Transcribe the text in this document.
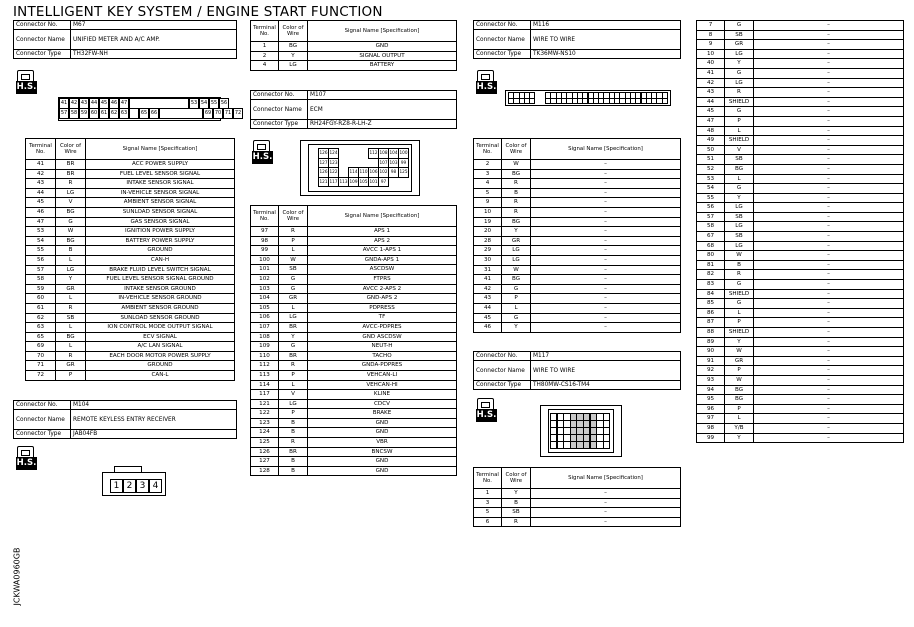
INTELLIGENT KEY SYSTEM / ENGINE START FUNCTION
JCKWA0960GB
Connector No.	M67
Connector Name	UNIFIED METER AND A/C AMP.
Connector Type	TH32FW-NH
H.S.
41 42 43 44 45 46 47	53 54 55 56
57 58 59 60 61 62 63	65 66	69 70 71 72
Terminal No.	Color of Wire	Signal Name [Specification]
41	BR	ACC POWER SUPPLY
42	BR	FUEL LEVEL SENSOR SIGNAL
43	R	INTAKE SENSOR SIGNAL
44	LG	IN-VEHICLE SENSOR SIGNAL
45	V	AMBIENT SENSOR SIGNAL
46	BG	SUNLOAD SENSOR SIGNAL
47	G	GAS SENSOR SIGNAL
53	W	IGNITION POWER SUPPLY
54	BG	BATTERY POWER SUPPLY
55	B	GROUND
56	L	CAN-H
57	LG	BRAKE FLUID LEVEL SWITCH SIGNAL
58	Y	FUEL LEVEL SENSOR SIGNAL GROUND
59	GR	INTAKE SENSOR GROUND
60	L	IN-VEHICLE SENSOR GROUND
61	R	AMBIENT SENSOR GROUND
62	SB	SUNLOAD SENSOR GROUND
63	L	ION CONTROL MODE OUTPUT SIGNAL
65	BG	ECV SIGNAL
69	L	A/C LAN SIGNAL
70	R	EACH DOOR MOTOR POWER SUPPLY
71	GR	GROUND
72	P	CAN-L
Connector No.	M104
Connector Name	REMOTE KEYLESS ENTRY RECEIVER
Connector Type	JAB04FB
H.S.
1 2 3 4
Terminal No.	Color of Wire	Signal Name [Specification]
1	BG	GND
2	Y	SIGNAL OUTPUT
4	LG	BATTERY
Connector No.	M107
Connector Name	ECM
Connector Type	RH24FGY-RZ8-R-LH-Z
H.S.	126 124	112 108 104 100
127 123	107 103 99
126 122	114 110 106 102 98 125
121 117 113 109 105 101 97
Terminal No.	Color of Wire	Signal Name [Specification]
97	R	APS 1
98	P	APS 2
99	L	AVCC 1-APS 1
100	W	GNDA-APS 1
101	SB	ASCDSW
102	G	FTPRS
103	G	AVCC 2-APS 2
104	GR	GND-APS 2
105	L	PDPRESS
106	LG	TF
107	BR	AVCC-PDPRES
108	Y	GND ASCDSW
109	G	NEUT-H
110	BR	TACHO
112	R	GNDA-PDPRES
113	P	VEHCAN-LI
114	L	VEHCAN-HI
117	V	KLINE
121	LG	CDCV
122	P	BRAKE
123	B	GND
124	B	GND
125	R	VBR
126	BR	BNCSW
127	B	GND
128	B	GND
Connector No.	M116
Connector Name	WIRE TO WIRE
Connector Type	TK36MW-NS10
H.S.
Terminal No.	Color of Wire	Signal Name [Specification]
2	W	–
3	BG	–
4	R	–
5	B	–
9	R	–
10	R	–
19	BG	–
20	Y	–
28	GR	–
29	LG	–
30	LG	–
31	W	–
41	BG	–
42	G	–
43	P	–
44	L	–
45	G	–
46	Y	–
Connector No.	M117
Connector Name	WIRE TO WIRE
Connector Type	TH80MW-CS16-TM4
H.S.
Terminal No.	Color of Wire	Signal Name [Specification]
1	Y	–
3	B	–
5	SB	–
6	R	–
7	G	–
8	SB	–
9	GR	–
10	LG	–
40	Y	–
41	G	–
42	LG	–
43	R	–
44	SHIELD	–
45	G	–
47	P	–
48	L	–
49	SHIELD	–
50	V	–
51	SB	–
52	BG	–
53	L	–
54	G	–
55	Y	–
56	LG	–
57	SB	–
58	LG	–
67	SB	–
68	LG	–
80	W	–
81	B	–
82	R	–
83	G	–
84	SHIELD	–
85	G	–
86	L	–
87	P	–
88	SHIELD	–
89	Y	–
90	W	–
91	GR	–
92	P	–
93	W	–
94	BG	–
95	BG	–
96	P	–
97	L	–
98	Y/B	–
99	Y	–
